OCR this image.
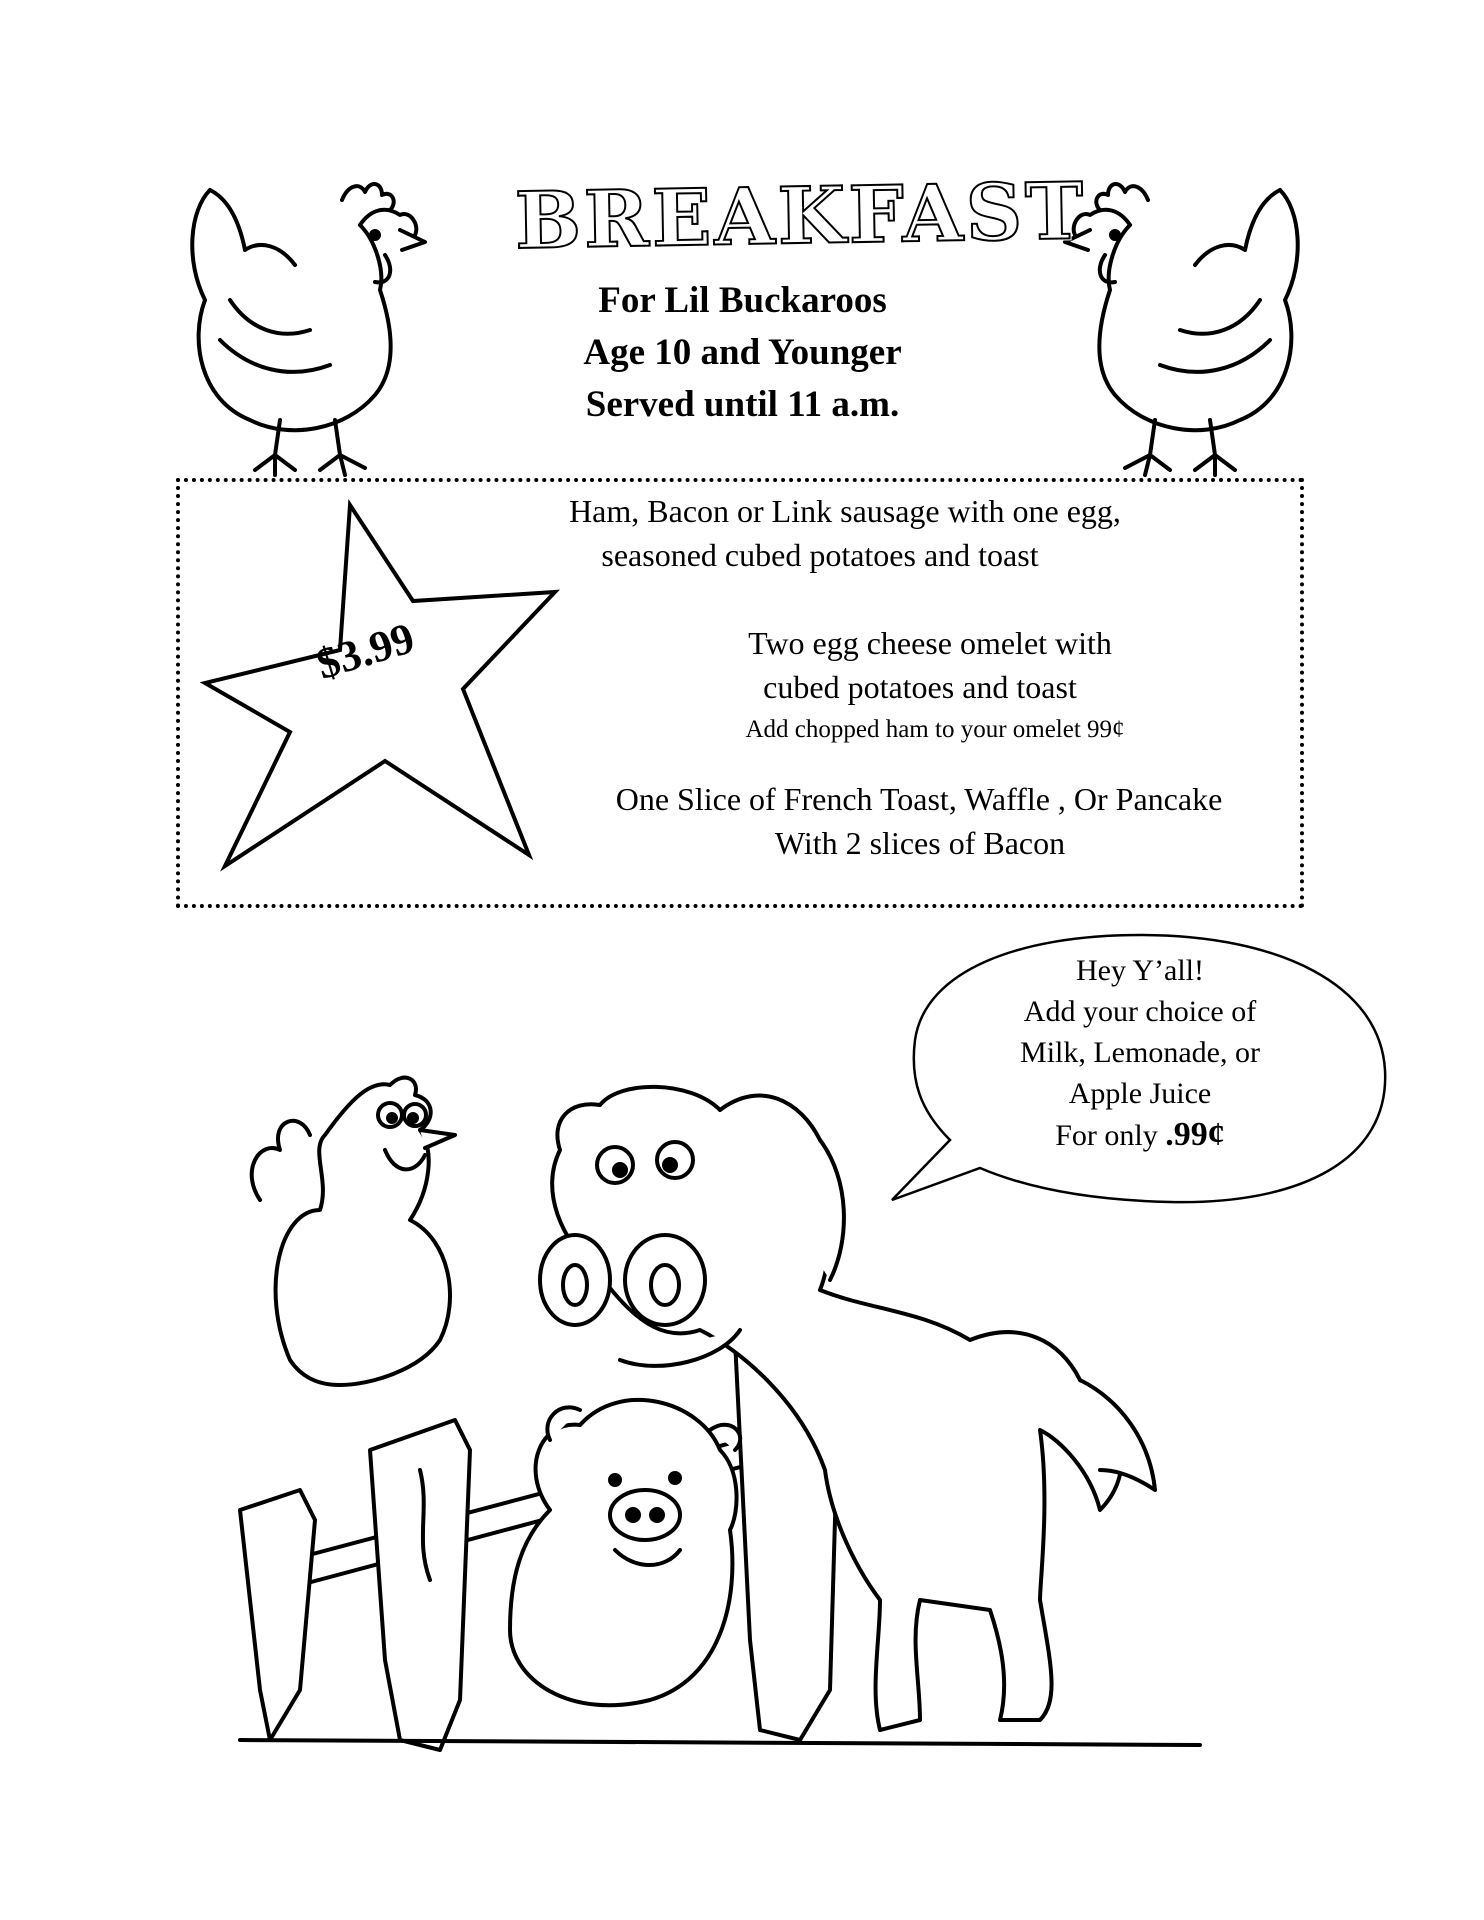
BREAKFAST
For Lil Buckaroos
Age 10 and Younger
Served until 11 a.m.
$3.99
Ham, Bacon or Link sausage with one egg,
seasoned cubed potatoes and toast
Two egg cheese omelet with
cubed potatoes and toast
Add chopped ham to your omelet 99¢
One Slice of French Toast, Waffle , Or Pancake
With 2 slices of Bacon
Hey Y’all!
Add your choice of
Milk, Lemonade, or
Apple Juice
For only .99¢
